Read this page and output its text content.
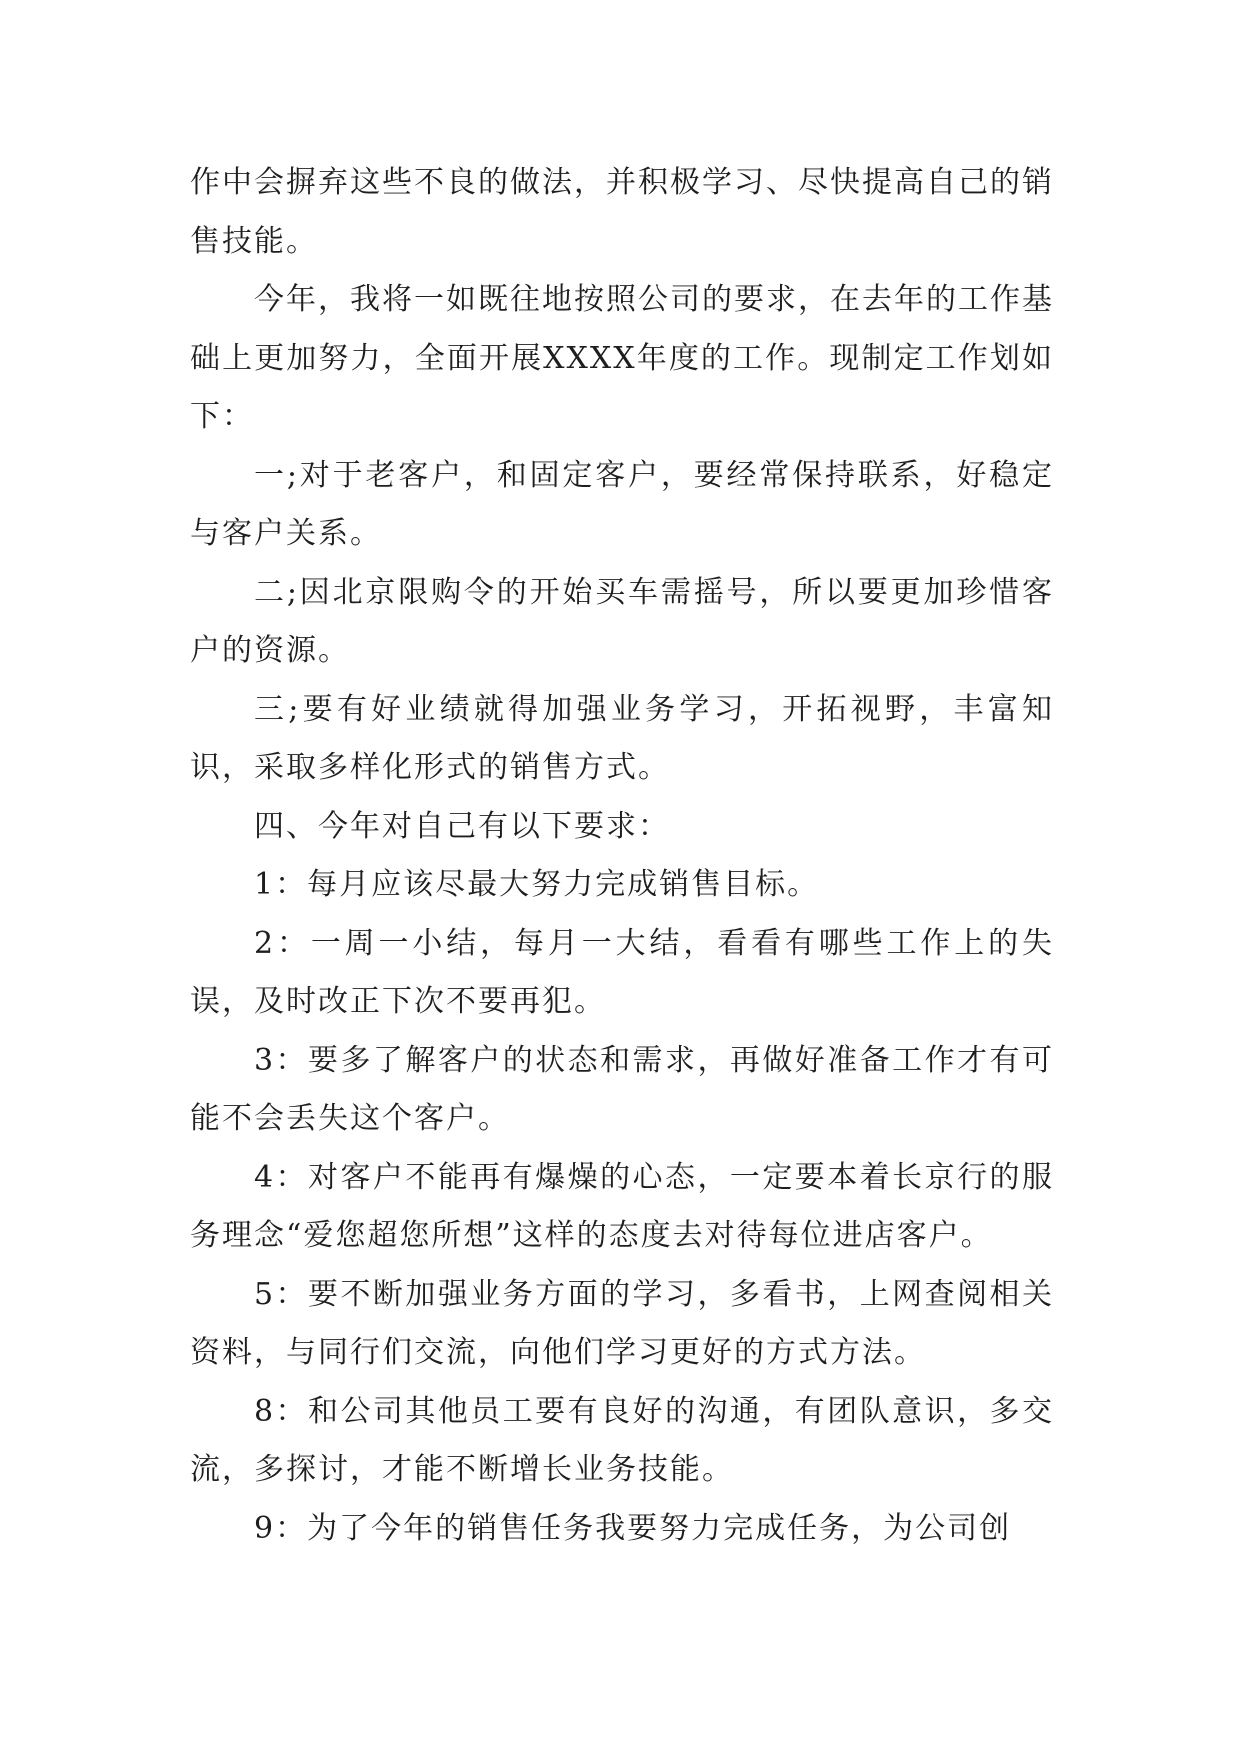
作中会摒弃这些不良的做法，并积极学习、尽快提高自己的销售技能。

今年，我将一如既往地按照公司的要求，在去年的工作基础上更加努力，全面开展XXXX年度的工作。现制定工作划如下：

一;对于老客户，和固定客户，要经常保持联系，好稳定与客户关系。

二;因北京限购令的开始买车需摇号，所以要更加珍惜客户的资源。

三;要有好业绩就得加强业务学习，开拓视野，丰富知识，采取多样化形式的销售方式。

四、今年对自己有以下要求：

1：每月应该尽最大努力完成销售目标。

2：一周一小结，每月一大结，看看有哪些工作上的失误，及时改正下次不要再犯。

3：要多了解客户的状态和需求，再做好准备工作才有可能不会丢失这个客户。

4：对客户不能再有爆燥的心态，一定要本着长京行的服务理念“爱您超您所想”这样的态度去对待每位进店客户。

5：要不断加强业务方面的学习，多看书，上网查阅相关资料，与同行们交流，向他们学习更好的方式方法。

8：和公司其他员工要有良好的沟通，有团队意识，多交流，多探讨，才能不断增长业务技能。

9：为了今年的销售任务我要努力完成任务，为公司创
